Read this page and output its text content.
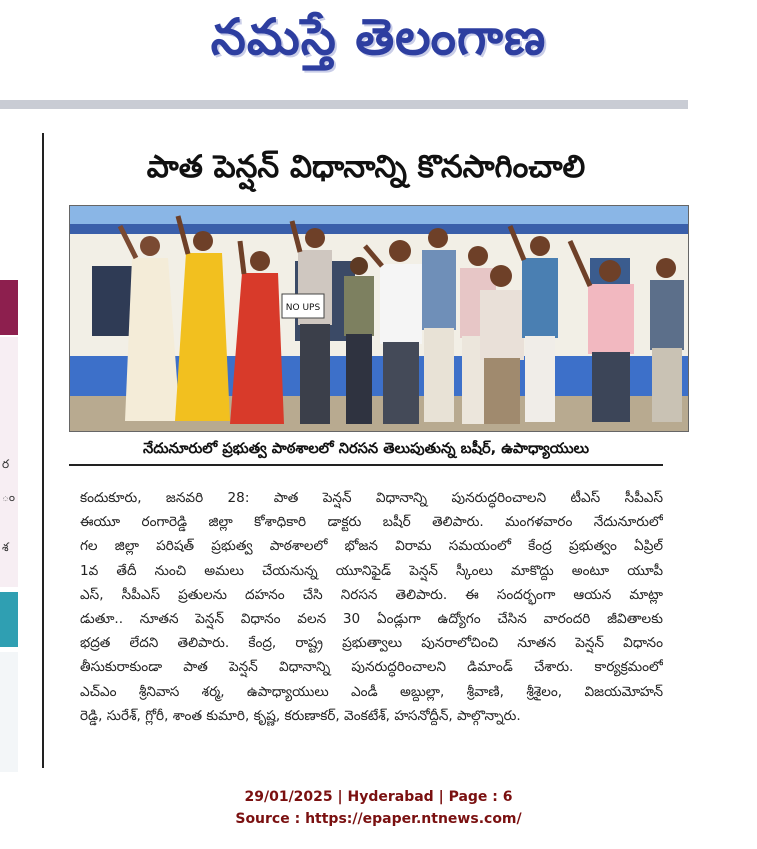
నమస్తే తెలంగాణ
ర
ం
శ
పాత పెన్షన్ విధానాన్ని కొనసాగించాలి
NO UPS
నేదునూరులో ప్రభుత్వ పాఠశాలలో నిరసన తెలుపుతున్న బషీర్, ఉపాధ్యాయులు
కందుకూరు, జనవరి 28: పాత పెన్షన్ విధానాన్ని పునరుద్ధరించాలని టీఎస్ సీపీఎస్
ఈయూ రంగారెడ్డి జిల్లా కోశాధికారి డాక్టరు బషీర్ తెలిపారు. మంగళవారం నేదునూరులో
గల జిల్లా పరిషత్ ప్రభుత్వ పాఠశాలలో భోజన విరామ సమయంలో కేంద్ర ప్రభుత్వం ఏప్రిల్
1వ తేదీ నుంచి అమలు చేయనున్న యూనిఫైడ్ పెన్షన్ స్కీంలు మాకొద్దు అంటూ యూపీ
ఎస్, సీపీఎస్ ప్రతులను దహనం చేసి నిరసన తెలిపారు. ఈ సందర్భంగా ఆయన మాట్లా
డుతూ.. నూతన పెన్షన్ విధానం వలన 30 ఏండ్లుగా ఉద్యోగం చేసిన వారందరి జీవితాలకు
భద్రత లేదని తెలిపారు. కేంద్ర, రాష్ట్ర ప్రభుత్వాలు పునరాలోచించి నూతన పెన్షన్ విధానం
తీసుకురాకుండా పాత పెన్షన్ విధానాన్ని పునరుద్ధరించాలని డిమాండ్ చేశారు. కార్యక్రమంలో
ఎచ్ఎం శ్రీనివాస శర్మ, ఉపాధ్యాయులు ఎండీ అబ్దుల్లా, శ్రీవాణి, శ్రీశైలం, విజయమోహన్
రెడ్డి, సురేశ్, గ్లోరీ, శాంత కుమారి, కృష్ణ, కరుణాకర్, వెంకటేశ్, హసనోద్దీన్, పాల్గొన్నారు.
29/01/2025 | Hyderabad | Page : 6
Source : https://epaper.ntnews.com/
